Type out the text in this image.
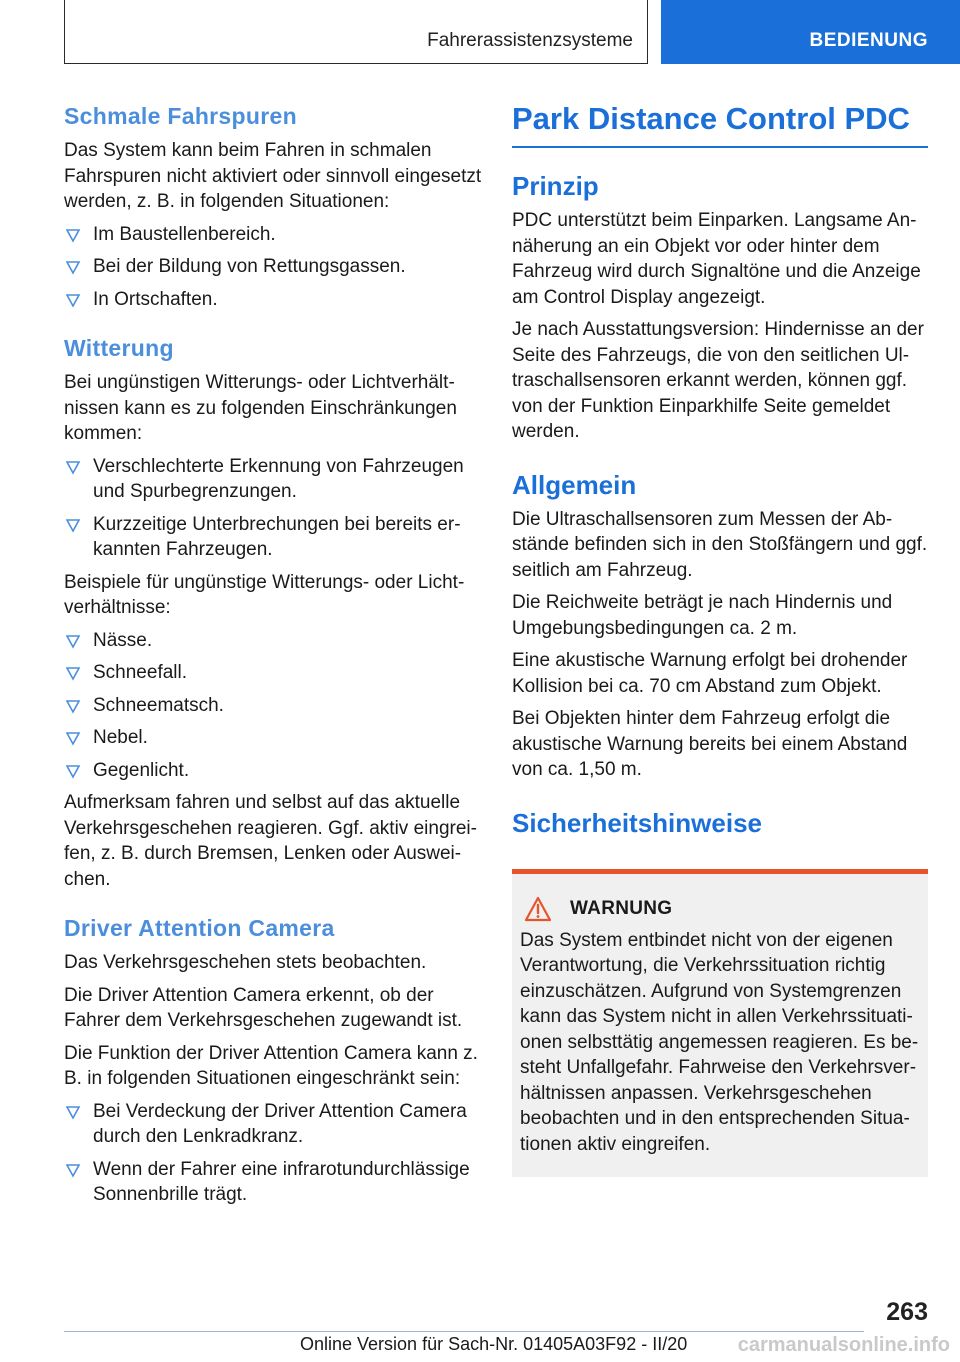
Fahrerassistenzsysteme	BEDIENUNG
Schmale Fahrspuren

Das System kann beim Fahren in schmalen Fahrspuren nicht aktiviert oder sinnvoll eingesetzt werden, z. B. in folgenden Situationen:

Im Baustellenbereich.
Bei der Bildung von Rettungsgassen.
In Ortschaften.
Witterung

Bei ungünstigen Witterungs- oder Lichtverhältnissen kann es zu folgenden Einschränkungen kommen:

Verschlechterte Erkennung von Fahrzeugen und Spurbegrenzungen.
Kurzzeitige Unterbrechungen bei bereits erkannten Fahrzeugen.

Beispiele für ungünstige Witterungs- oder Lichtverhältnisse:

Nässe.
Schneefall.
Schneematsch.
Nebel.
Gegenlicht.

Aufmerksam fahren und selbst auf das aktuelle Verkehrsgeschehen reagieren. Ggf. aktiv eingreifen, z. B. durch Bremsen, Lenken oder Ausweichen.

Driver Attention Camera

Das Verkehrsgeschehen stets beobachten.

Die Driver Attention Camera erkennt, ob der Fahrer dem Verkehrsgeschehen zugewandt ist.

Die Funktion der Driver Attention Camera kann z. B. in folgenden Situationen eingeschränkt sein:

Bei Verdeckung der Driver Attention Camera durch den Lenkradkranz.
Wenn der Fahrer eine infrarotundurchlässige Sonnenbrille trägt.
Park Distance Control PDC
Prinzip

PDC unterstützt beim Einparken. Langsame Annäherung an ein Objekt vor oder hinter dem Fahrzeug wird durch Signaltöne und die Anzeige am Control Display angezeigt.

Je nach Ausstattungsversion: Hindernisse an der Seite des Fahrzeugs, die von den seitlichen Ultraschallsensoren erkannt werden, können ggf. von der Funktion Einparkhilfe Seite gemeldet werden.

Allgemein

Die Ultraschallsensoren zum Messen der Abstände befinden sich in den Stoßfängern und ggf. seitlich am Fahrzeug.

Die Reichweite beträgt je nach Hindernis und Umgebungsbedingungen ca. 2 m.

Eine akustische Warnung erfolgt bei drohender Kollision bei ca. 70 cm Abstand zum Objekt.

Bei Objekten hinter dem Fahrzeug erfolgt die akustische Warnung bereits bei einem Abstand von ca. 1,50 m.

Sicherheitshinweise
WARNUNG

Das System entbindet nicht von der eigenen Verantwortung, die Verkehrssituation richtig einzuschätzen. Aufgrund von Systemgrenzen kann das System nicht in allen Verkehrssituationen selbsttätig angemessen reagieren. Es besteht Unfallgefahr. Fahrweise den Verkehrsverhältnissen anpassen. Verkehrsgeschehen beobachten und in den entsprechenden Situationen aktiv eingreifen.

263
Online Version für Sach-Nr. 01405A03F92 - II/20	carmanualsonline.info
